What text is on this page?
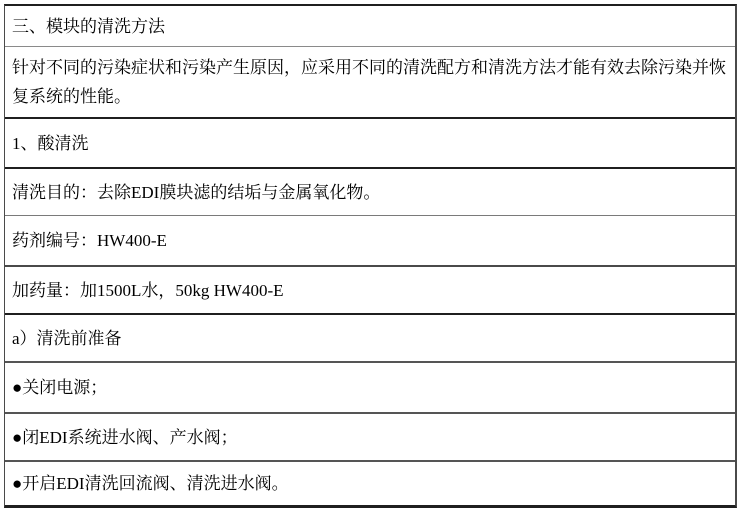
三、模块的清洗方法
针对不同的污染症状和污染产生原因，应采用不同的清洗配方和清洗方法才能有效去除污染并恢复系统的性能。
1、酸清洗
清洗目的：去除EDI膜块滤的结垢与金属氧化物。
药剂编号：HW400-E
加药量：加1500L水，50kg HW400-E
a）清洗前准备
●关闭电源；
●闭EDI系统进水阀、产水阀；
●开启EDI清洗回流阀、清洗进水阀。
